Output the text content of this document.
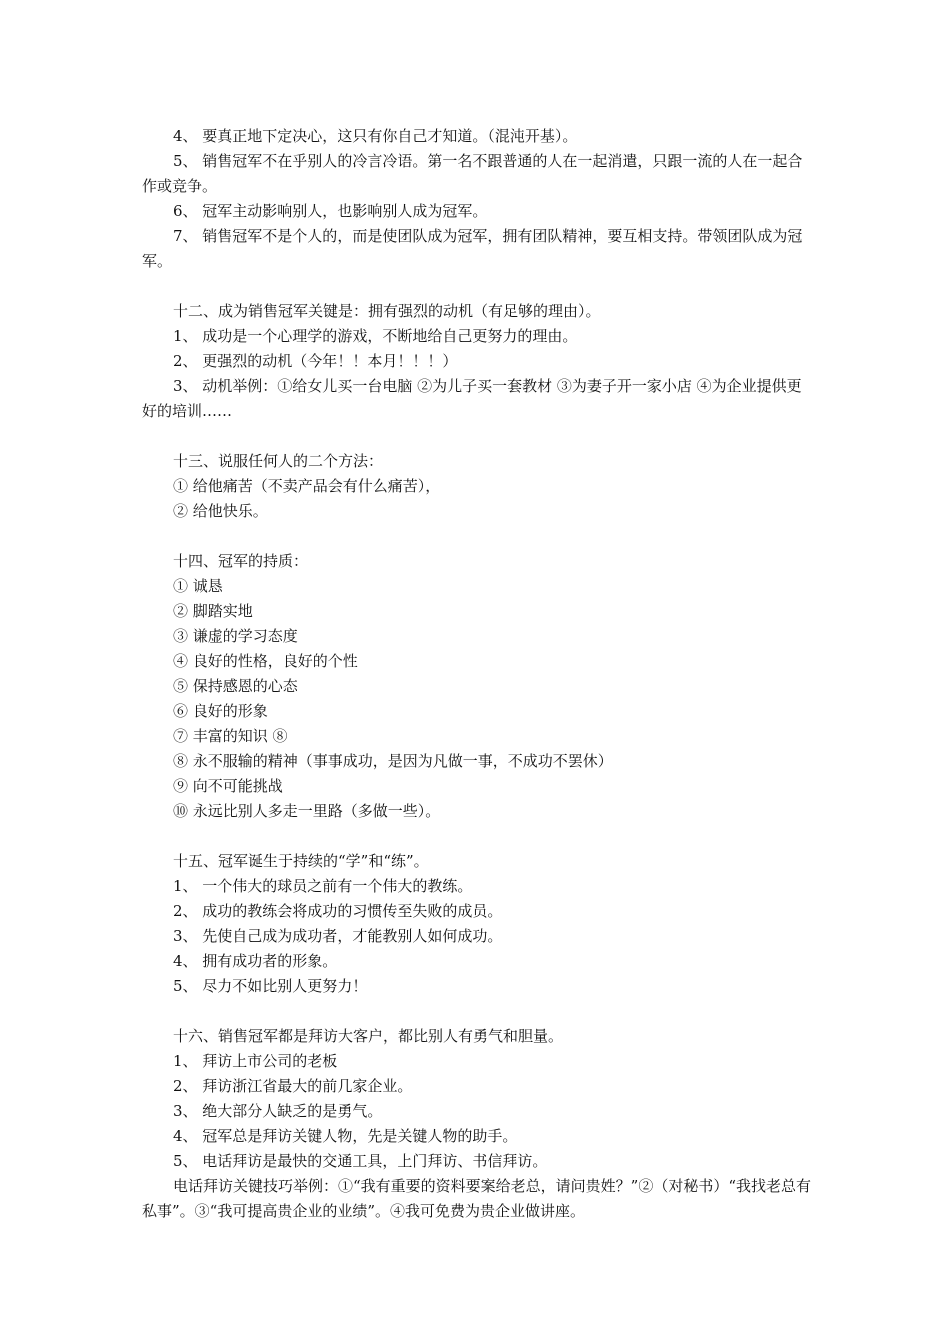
4、 要真正地下定决心，这只有你自己才知道。（混沌开基）。

5、 销售冠军不在乎别人的冷言冷语。第一名不跟普通的人在一起消遣，只跟一流的人在一起合作或竞争。

6、 冠军主动影响别人，也影响别人成为冠军。

7、 销售冠军不是个人的，而是使团队成为冠军，拥有团队精神，要互相支持。带领团队成为冠军。

十二、成为销售冠军关键是：拥有强烈的动机（有足够的理由）。

1、 成功是一个心理学的游戏，不断地给自己更努力的理由。

2、 更强烈的动机（今年！！本月！！！）

3、 动机举例：①给女儿买一台电脑 ②为儿子买一套教材 ③为妻子开一家小店 ④为企业提供更好的培训……

十三、说服任何人的二个方法：

① 给他痛苦（不卖产品会有什么痛苦），

② 给他快乐。

十四、冠军的持质：

① 诚恳

② 脚踏实地

③ 谦虚的学习态度

④ 良好的性格，良好的个性

⑤ 保持感恩的心态

⑥ 良好的形象

⑦ 丰富的知识 ⑧

⑧ 永不服输的精神（事事成功，是因为凡做一事，不成功不罢休）

⑨ 向不可能挑战

⑩ 永远比别人多走一里路（多做一些）。

十五、冠军诞生于持续的“学”和“练”。

1、 一个伟大的球员之前有一个伟大的教练。

2、 成功的教练会将成功的习惯传至失败的成员。

3、 先使自己成为成功者，才能教别人如何成功。

4、 拥有成功者的形象。

5、 尽力不如比别人更努力！

十六、销售冠军都是拜访大客户，都比别人有勇气和胆量。

1、 拜访上市公司的老板

2、 拜访浙江省最大的前几家企业。

3、 绝大部分人缺乏的是勇气。

4、 冠军总是拜访关键人物，先是关键人物的助手。

5、 电话拜访是最快的交通工具，上门拜访、书信拜访。

电话拜访关键技巧举例：①“我有重要的资料要案给老总，请问贵姓？”②（对秘书）“我找老总有私事”。③“我可提高贵企业的业绩”。④我可免费为贵企业做讲座。
